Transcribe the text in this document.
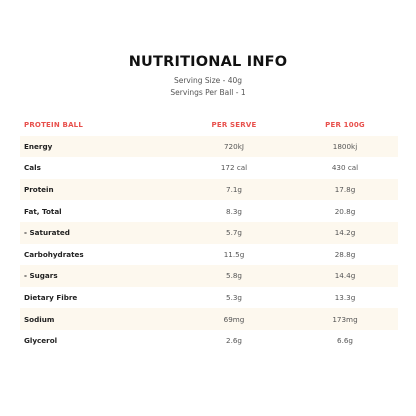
NUTRITIONAL INFO
Serving Size - 40g
Servings Per Ball - 1
PROTEIN BALL	PER SERVE	PER 100G
Energy	720kJ	1800kj
Cals	172 cal	430 cal
Protein	7.1g	17.8g
Fat, Total	8.3g	20.8g
- Saturated	5.7g	14.2g
Carbohydrates	11.5g	28.8g
- Sugars	5.8g	14.4g
Dietary Fibre	5.3g	13.3g
Sodium	69mg	173mg
Glycerol	2.6g	6.6g
